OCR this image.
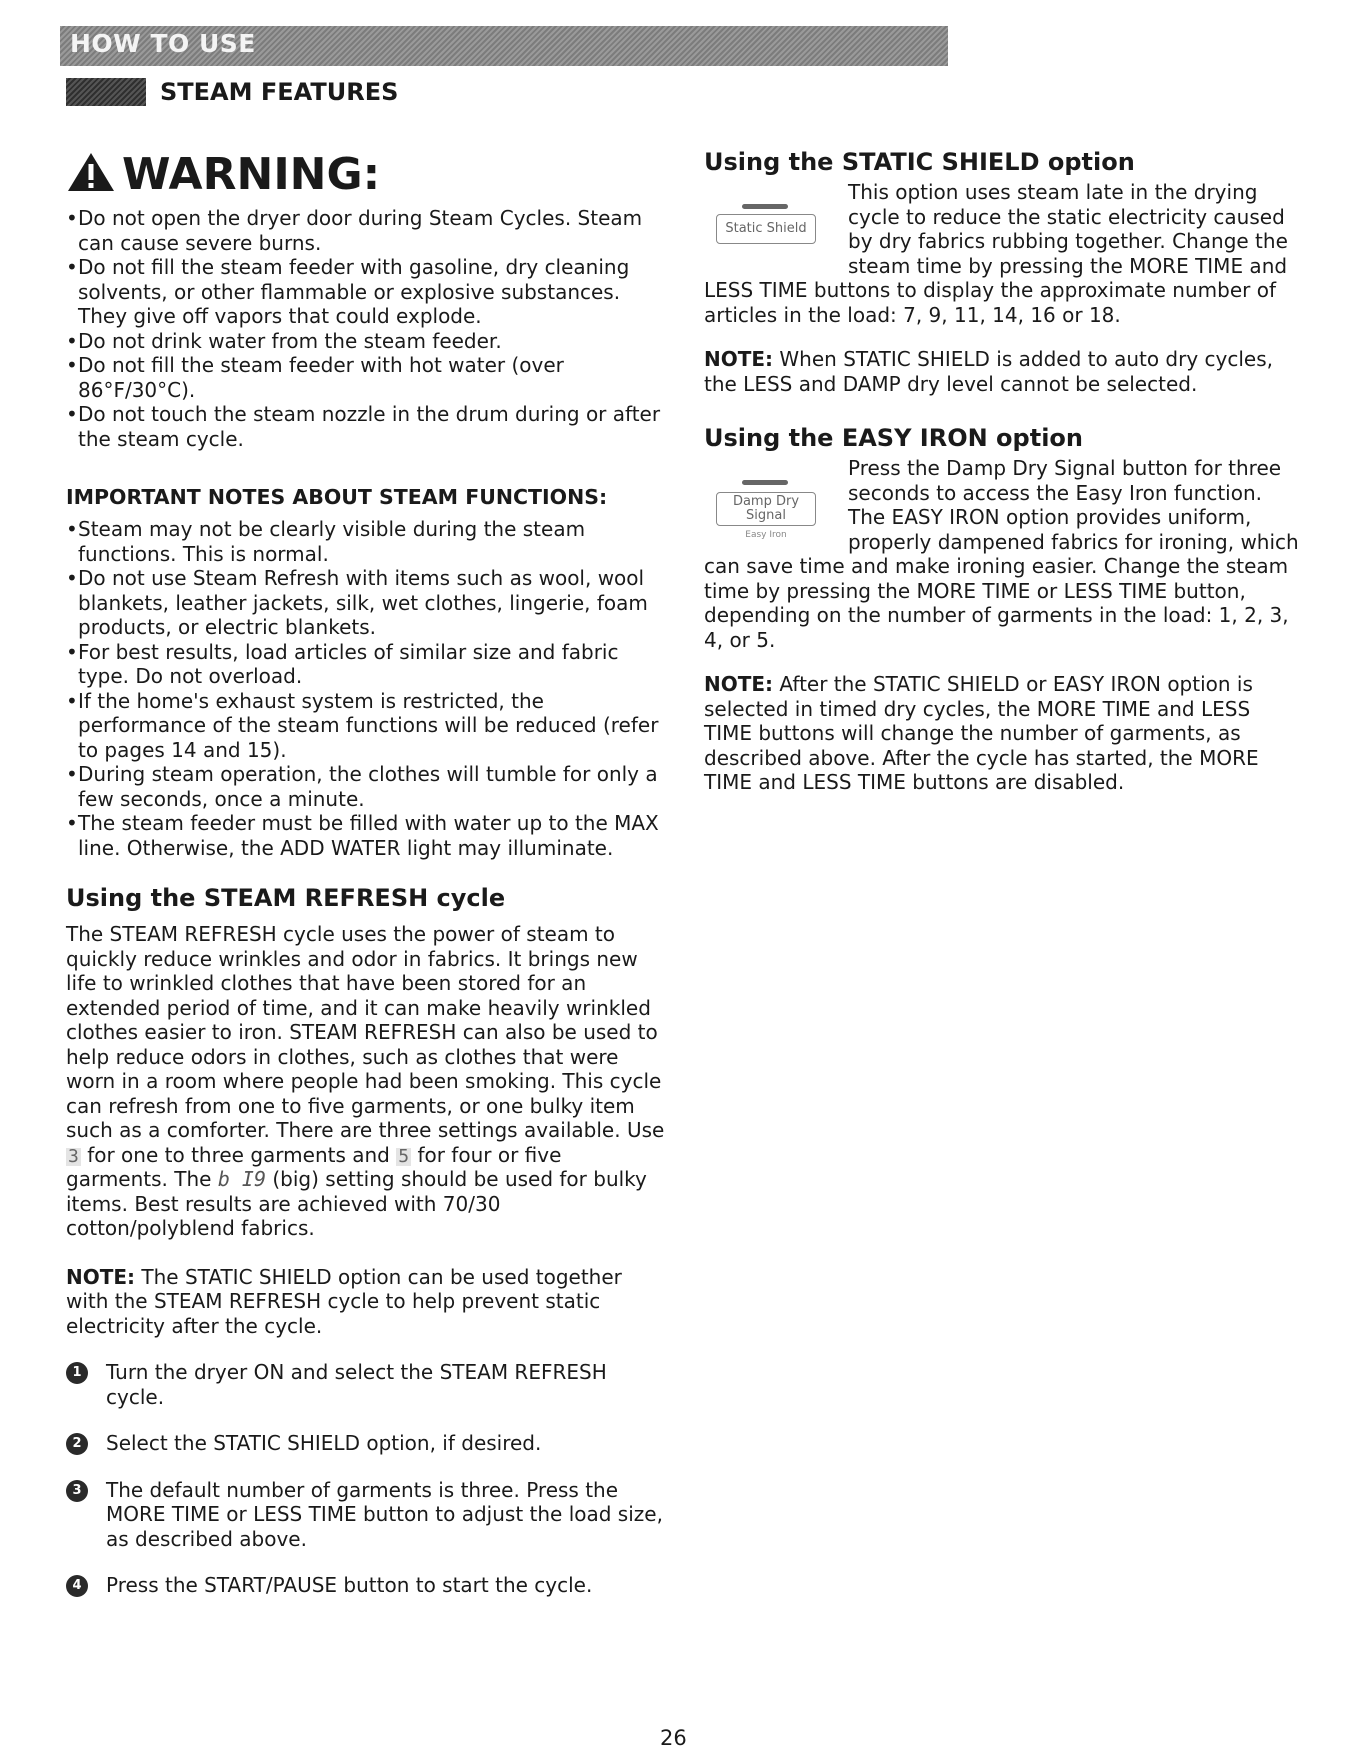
HOW TO USE
STEAM FEATURES
WARNING:
• Do not open the dryer door during Steam Cycles. Steam can cause severe burns.
• Do not fill the steam feeder with gasoline, dry cleaning solvents, or other flammable or explosive substances. They give off vapors that could explode.
• Do not drink water from the steam feeder.
• Do not fill the steam feeder with hot water (over 86°F/30°C).
• Do not touch the steam nozzle in the drum during or after the steam cycle.
IMPORTANT NOTES ABOUT STEAM FUNCTIONS:
• Steam may not be clearly visible during the steam functions. This is normal.
• Do not use Steam Refresh with items such as wool, wool blankets, leather jackets, silk, wet clothes, lingerie, foam products, or electric blankets.
• For best results, load articles of similar size and fabric type. Do not overload.
• If the home's exhaust system is restricted, the performance of the steam functions will be reduced (refer to pages 14 and 15).
• During steam operation, the clothes will tumble for only a few seconds, once a minute.
• The steam feeder must be filled with water up to the MAX line. Otherwise, the ADD WATER light may illuminate.
Using the STEAM REFRESH cycle

The STEAM REFRESH cycle uses the power of steam to quickly reduce wrinkles and odor in fabrics. It brings new life to wrinkled clothes that have been stored for an extended period of time, and it can make heavily wrinkled clothes easier to iron. STEAM REFRESH can also be used to help reduce odors in clothes, such as clothes that were worn in a room where people had been smoking. This cycle can refresh from one to five garments, or one bulky item such as a comforter. There are three settings available. Use 3 for one to three garments and 5 for four or five garments. The b I9 (big) setting should be used for bulky items. Best results are achieved with 70/30 cotton/polyblend fabrics.

NOTE: The STATIC SHIELD option can be used together with the STEAM REFRESH cycle to help prevent static electricity after the cycle.

1	Turn the dryer ON and select the STEAM REFRESH cycle.
2	Select the STATIC SHIELD option, if desired.
3	The default number of garments is three. Press the MORE TIME or LESS TIME button to adjust the load size, as described above.
4	Press the START/PAUSE button to start the cycle.
Using the STATIC SHIELD option
Static Shield

This option uses steam late in the drying cycle to reduce the static electricity caused by dry fabrics rubbing together. Change the steam time by pressing the MORE TIME and LESS TIME buttons to display the approximate number of articles in the load: 7, 9, 11, 14, 16 or 18.

NOTE: When STATIC SHIELD is added to auto dry cycles, the LESS and DAMP dry level cannot be selected.

Using the EASY IRON option
Damp Dry Signal
Easy Iron

Press the Damp Dry Signal button for three seconds to access the Easy Iron function. The EASY IRON option provides uniform, properly dampened fabrics for ironing, which can save time and make ironing easier. Change the steam time by pressing the MORE TIME or LESS TIME button, depending on the number of garments in the load: 1, 2, 3, 4, or 5.

NOTE: After the STATIC SHIELD or EASY IRON option is selected in timed dry cycles, the MORE TIME and LESS TIME buttons will change the number of garments, as described above. After the cycle has started, the MORE TIME and LESS TIME buttons are disabled.

26
